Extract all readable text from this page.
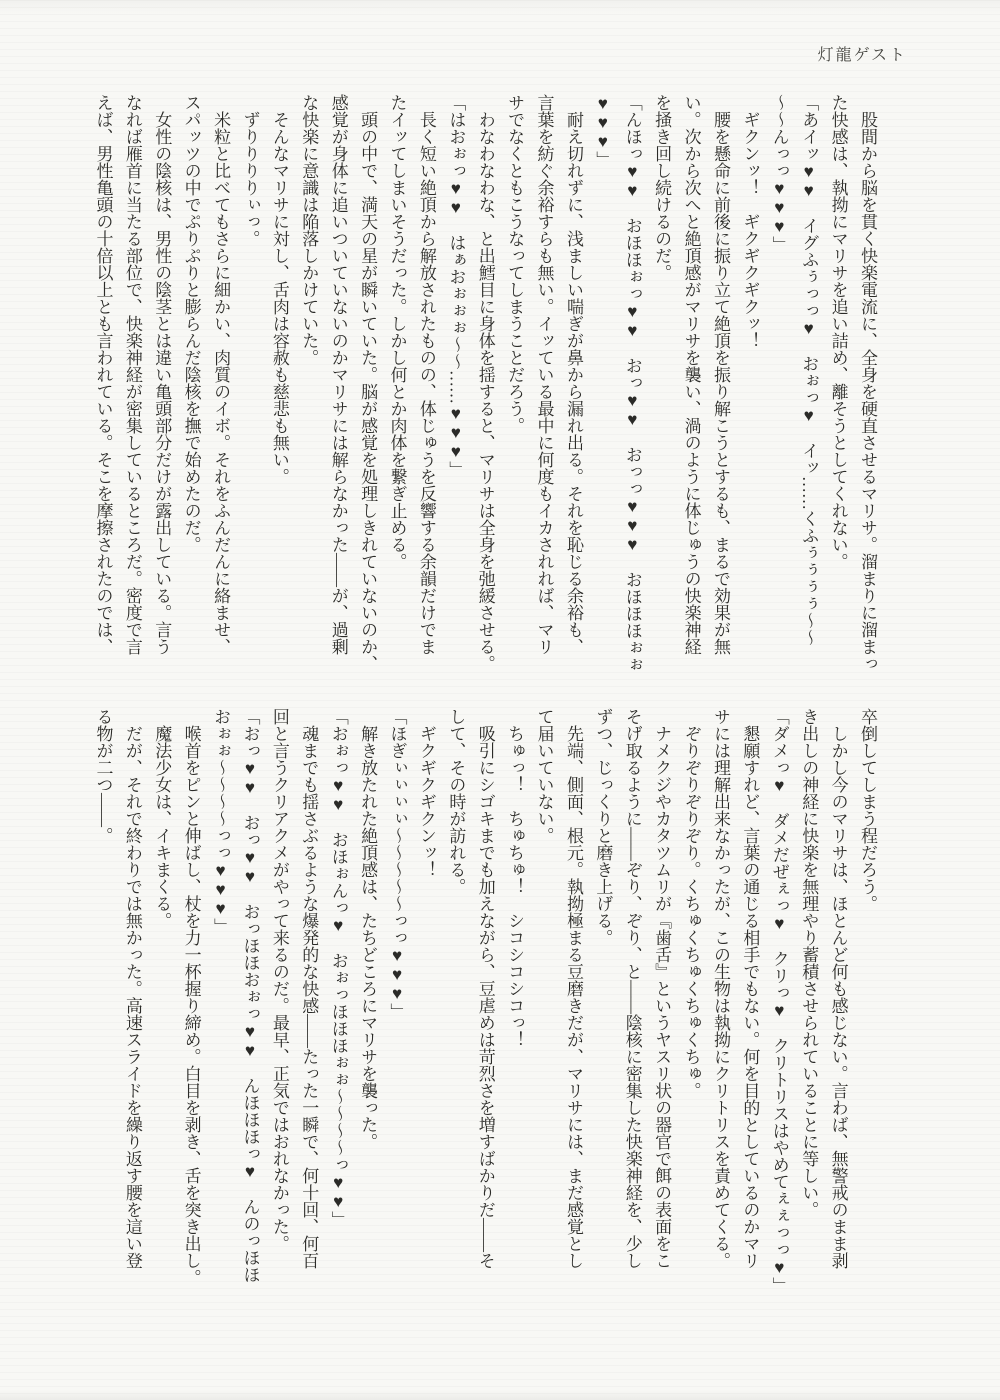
灯龍ゲスト

　股間から脳を貫く快楽電流に、全身を硬直させるマリサ。溜まりに溜まっ

た快感は、執拗にマリサを追い詰め、離そうとしてくれない。

「あイッ♥♥　イグふぅっっ♥　おぉっ♥　イッ……くふぅぅぅぅ〜〜

〜〜んっっ♥♥♥」

　ギクンッ！　ギクギクギクッ！

　腰を懸命に前後に振り立て絶頂を振り解こうとするも、まるで効果が無

い。次から次へと絶頂感がマリサを襲い、渦のように体じゅうの快楽神経

を掻き回し続けるのだ。

「んほっ♥♥　おほほぉっ♥♥　おっ♥♥　おっっ♥♥♥　おほほほぉぉ

♥♥♥」

　耐え切れずに、浅ましい喘ぎが鼻から漏れ出る。それを恥じる余裕も、

言葉を紡ぐ余裕すらも無い。イッている最中に何度もイカされれば、マリ

サでなくともこうなってしまうことだろう。

　わなわなわな、と出鱈目に身体を揺すると、マリサは全身を弛緩させる。

「はおぉっ♥♥　はぁおぉぉぉ〜〜……♥♥♥」

　長く短い絶頂から解放されたものの、体じゅうを反響する余韻だけでま

たイッてしまいそうだった。しかし何とか肉体を繋ぎ止める。

　頭の中で、満天の星が瞬いていた。脳が感覚を処理しきれていないのか、

感覚が身体に追いついていないのかマリサには解らなかった――が、過剰

な快楽に意識は陥落しかけていた。

　そんなマリサに対し、舌肉は容赦も慈悲も無い。

　ずりりりりぃっ。

　米粒と比べてもさらに細かい、肉質のイボ。それをふんだんに絡ませ、

スパッツの中でぷりぷりと膨らんだ陰核を撫で始めたのだ。

　女性の陰核は、男性の陰茎とは違い亀頭部分だけが露出している。言う

なれば雁首に当たる部位で、快楽神経が密集しているところだ。密度で言

えば、男性亀頭の十倍以上とも言われている。そこを摩擦されたのでは、

卒倒してしまう程だろう。

　しかし今のマリサは、ほとんど何も感じない。言わば、無警戒のまま剥

き出しの神経に快楽を無理やり蓄積させられていることに等しい。

「ダメっ♥　ダメだぜぇっ♥　クリっ♥　クリトリスはやめてぇぇっっ♥」

　懇願すれど、言葉の通じる相手でもない。何を目的としているのかマリ

サには理解出来なかったが、この生物は執拗にクリトリスを責めてくる。

　ぞりぞりぞりぞり。くちゅくちゅくちゅくちゅ。

　ナメクジやカタツムリが『歯舌』というヤスリ状の器官で餌の表面をこ

そげ取るように――ぞり、ぞり、と――陰核に密集した快楽神経を、少し

ずつ、じっくりと磨き上げる。

　先端、側面、根元。執拗極まる豆磨きだが、マリサには、まだ感覚とし

て届いていない。

　ちゅっ！　ちゅちゅ！　シコシコシコっ！

　吸引にシゴキまでも加えながら、豆虐めは苛烈さを増すばかりだ――そ

して、その時が訪れる。

　ギクギクギクンッ！

「ほぎぃぃぃぃ〜〜〜〜〜っっ♥♥♥」

　解き放たれた絶頂感は、たちどころにマリサを襲った。

「おぉっ♥♥　おほぉんっ♥　おぉっほほほぉぉ〜〜〜〜っ♥♥」

　魂までも揺さぶるような爆発的な快感――たった一瞬で、何十回、何百

回と言うクリアクメがやって来るのだ。最早、正気ではおれなかった。

「おっ♥♥　おっ♥♥　おっほほおぉっ♥♥　んほほほっ♥　んのっほほ

おぉぉ〜〜〜〜っっ♥♥♥」

　喉首をピンと伸ばし、杖を力一杯握り締め。白目を剥き、舌を突き出し。

　魔法少女は、イキまくる。

　だが、それで終わりでは無かった。高速スライドを繰り返す腰を這い登

る物が二つ――。
